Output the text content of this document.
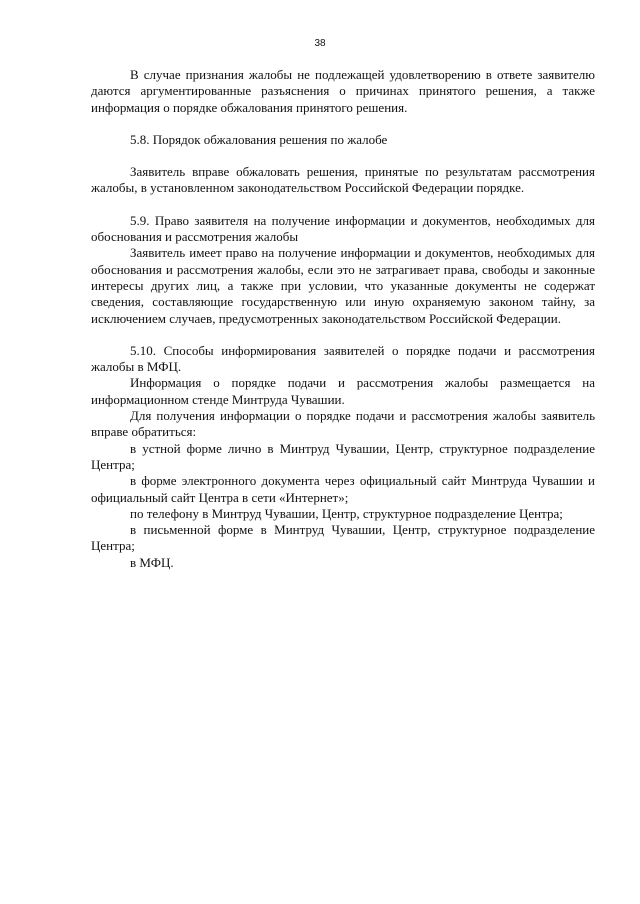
38

В случае признания жалобы не подлежащей удовлетворению в ответе заявителю даются аргументированные разъяснения о причинах принятого решения, а также информация о порядке обжалования принятого решения.

5.8. Порядок обжалования решения по жалобе

Заявитель вправе обжаловать решения, принятые по результатам рассмотрения жалобы, в установленном законодательством Российской Федерации порядке.

5.9. Право заявителя на получение информации и документов, необходимых для обоснования и рассмотрения жалобы

Заявитель имеет право на получение информации и документов, необходимых для обоснования и рассмотрения жалобы, если это не затрагивает права, свободы и законные интересы других лиц, а также при условии, что указанные документы не содержат сведения, составляющие государственную или иную охраняемую законом тайну, за исключением случаев, предусмотренных законодательством Российской Федерации.

5.10. Способы информирования заявителей о порядке подачи и рассмотрения жалобы в МФЦ.

Информация о порядке подачи и рассмотрения жалобы размещается на информационном стенде Минтруда Чувашии.

Для получения информации о порядке подачи и рассмотрения жалобы заявитель вправе обратиться:

в устной форме лично в Минтруд Чувашии, Центр, структурное подразделение Центра;

в форме электронного документа через официальный сайт Минтруда Чувашии и официальный сайт Центра в сети «Интернет»;

по телефону в Минтруд Чувашии, Центр, структурное подразделение Центра;

в письменной форме в Минтруд Чувашии, Центр, структурное подразделение Центра;

в МФЦ.
